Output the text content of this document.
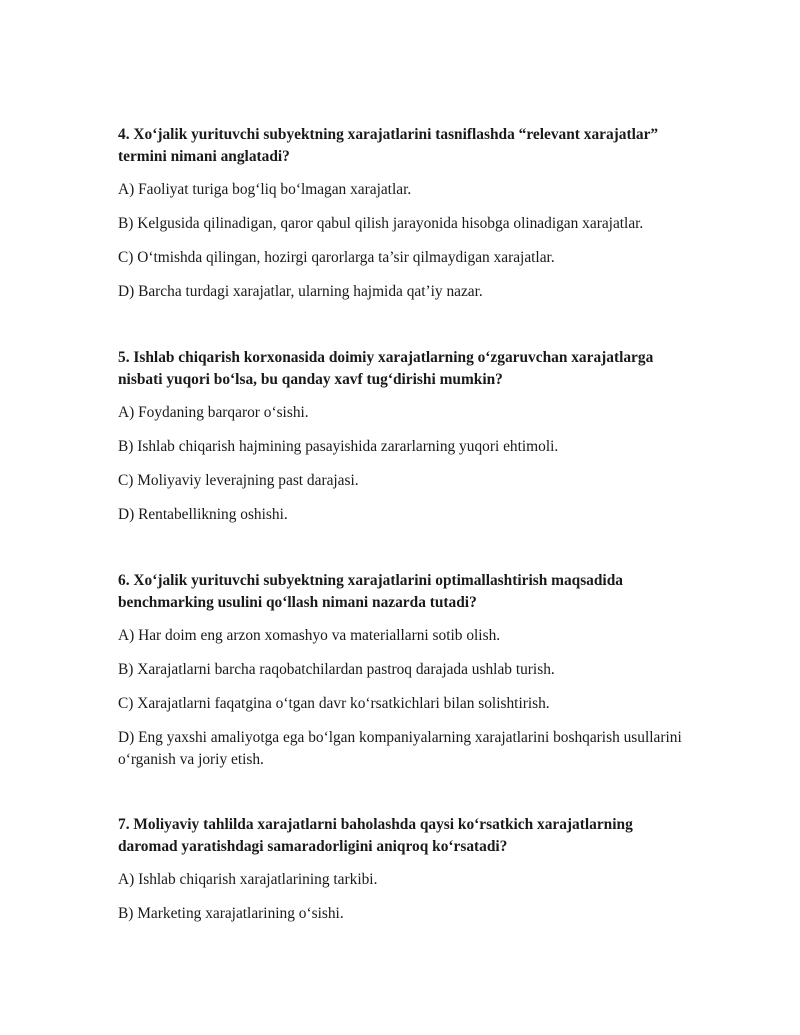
4. Xo‘jalik yurituvchi subyektning xarajatlarini tasniflashda “relevant xarajatlar” termini nimani anglatadi?

A) Faoliyat turiga bog‘liq bo‘lmagan xarajatlar.

B) Kelgusida qilinadigan, qaror qabul qilish jarayonida hisobga olinadigan xarajatlar.

C) O‘tmishda qilingan, hozirgi qarorlarga ta’sir qilmaydigan xarajatlar.

D) Barcha turdagi xarajatlar, ularning hajmida qat’iy nazar.

5. Ishlab chiqarish korxonasida doimiy xarajatlarning o‘zgaruvchan xarajatlarga nisbati yuqori bo‘lsa, bu qanday xavf tug‘dirishi mumkin?

A) Foydaning barqaror o‘sishi.

B) Ishlab chiqarish hajmining pasayishida zararlarning yuqori ehtimoli.

C) Moliyaviy leverajning past darajasi.

D) Rentabellikning oshishi.

6. Xo‘jalik yurituvchi subyektning xarajatlarini optimallashtirish maqsadida benchmarking usulini qo‘llash nimani nazarda tutadi?

A) Har doim eng arzon xomashyo va materiallarni sotib olish.

B) Xarajatlarni barcha raqobatchilardan pastroq darajada ushlab turish.

C) Xarajatlarni faqatgina o‘tgan davr ko‘rsatkichlari bilan solishtirish.

D) Eng yaxshi amaliyotga ega bo‘lgan kompaniyalarning xarajatlarini boshqarish usullarini o‘rganish va joriy etish.

7. Moliyaviy tahlilda xarajatlarni baholashda qaysi ko‘rsatkich xarajatlarning daromad yaratishdagi samaradorligini aniqroq ko‘rsatadi?

A) Ishlab chiqarish xarajatlarining tarkibi.

B) Marketing xarajatlarining o‘sishi.
